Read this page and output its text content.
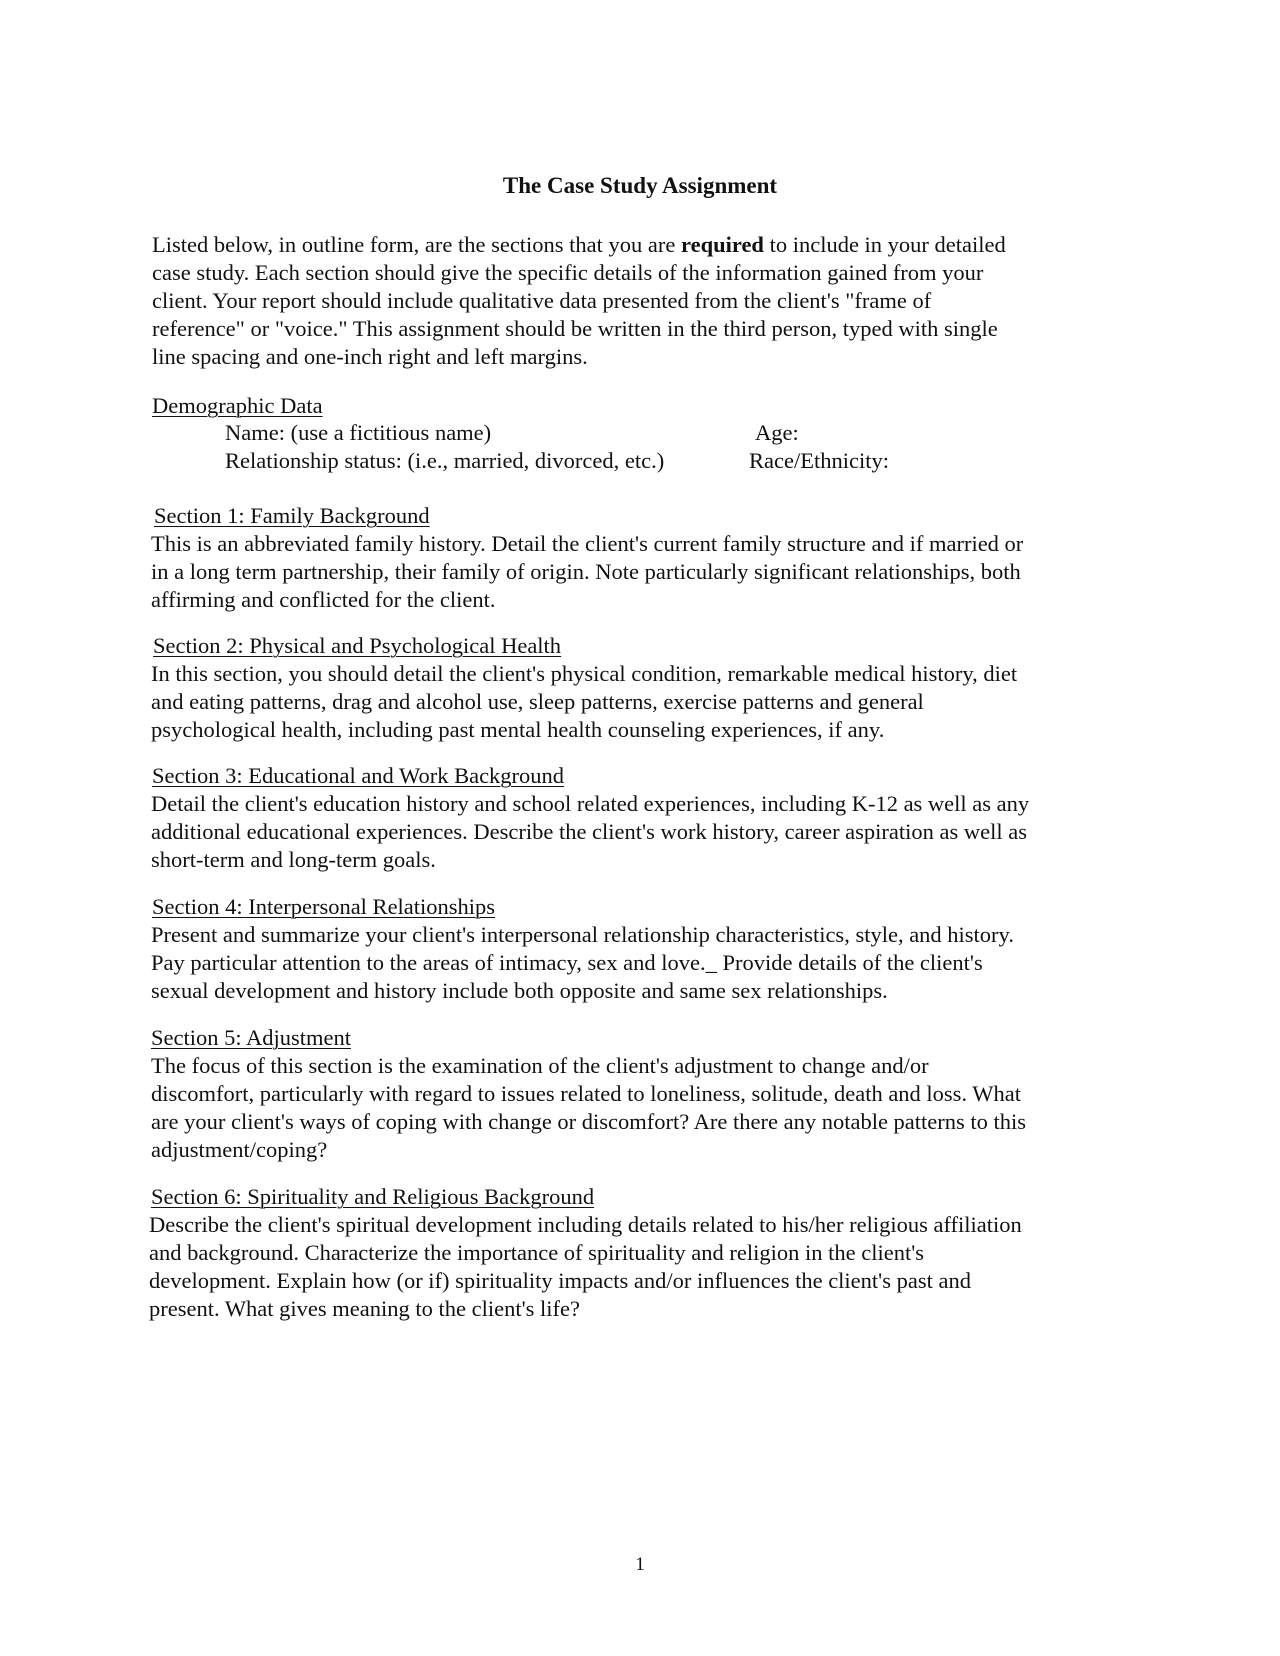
The Case Study Assignment
Listed below, in outline form, are the sections that you are required to include in your detailed
case study. Each section should give the specific details of the information gained from your
client. Your report should include qualitative data presented from the client's "frame of
reference" or "voice." This assignment should be written in the third person, typed with single
line spacing and one-inch right and left margins.
Demographic Data
Name: (use a fictitious name)	Age:
Relationship status: (i.e., married, divorced, etc.)	Race/Ethnicity:
Section 1: Family Background
This is an abbreviated family history. Detail the client's current family structure and if married or
in a long term partnership, their family of origin. Note particularly significant relationships, both
affirming and conflicted for the client.
Section 2: Physical and Psychological Health
In this section, you should detail the client's physical condition, remarkable medical history, diet
and eating patterns, drag and alcohol use, sleep patterns, exercise patterns and general
psychological health, including past mental health counseling experiences, if any.
Section 3: Educational and Work Background
Detail the client's education history and school related experiences, including K-12 as well as any
additional educational experiences. Describe the client's work history, career aspiration as well as
short-term and long-term goals.
Section 4: Interpersonal Relationships
Present and summarize your client's interpersonal relationship characteristics, style, and history.
Pay particular attention to the areas of intimacy, sex and love._ Provide details of the client's
sexual development and history include both opposite and same sex relationships.
Section 5: Adjustment
The focus of this section is the examination of the client's adjustment to change and/or
discomfort, particularly with regard to issues related to loneliness, solitude, death and loss. What
are your client's ways of coping with change or discomfort? Are there any notable patterns to this
adjustment/coping?
Section 6: Spirituality and Religious Background
Describe the client's spiritual development including details related to his/her religious affiliation
and background. Characterize the importance of spirituality and religion in the client's
development. Explain how (or if) spirituality impacts and/or influences the client's past and
present. What gives meaning to the client's life?
1
